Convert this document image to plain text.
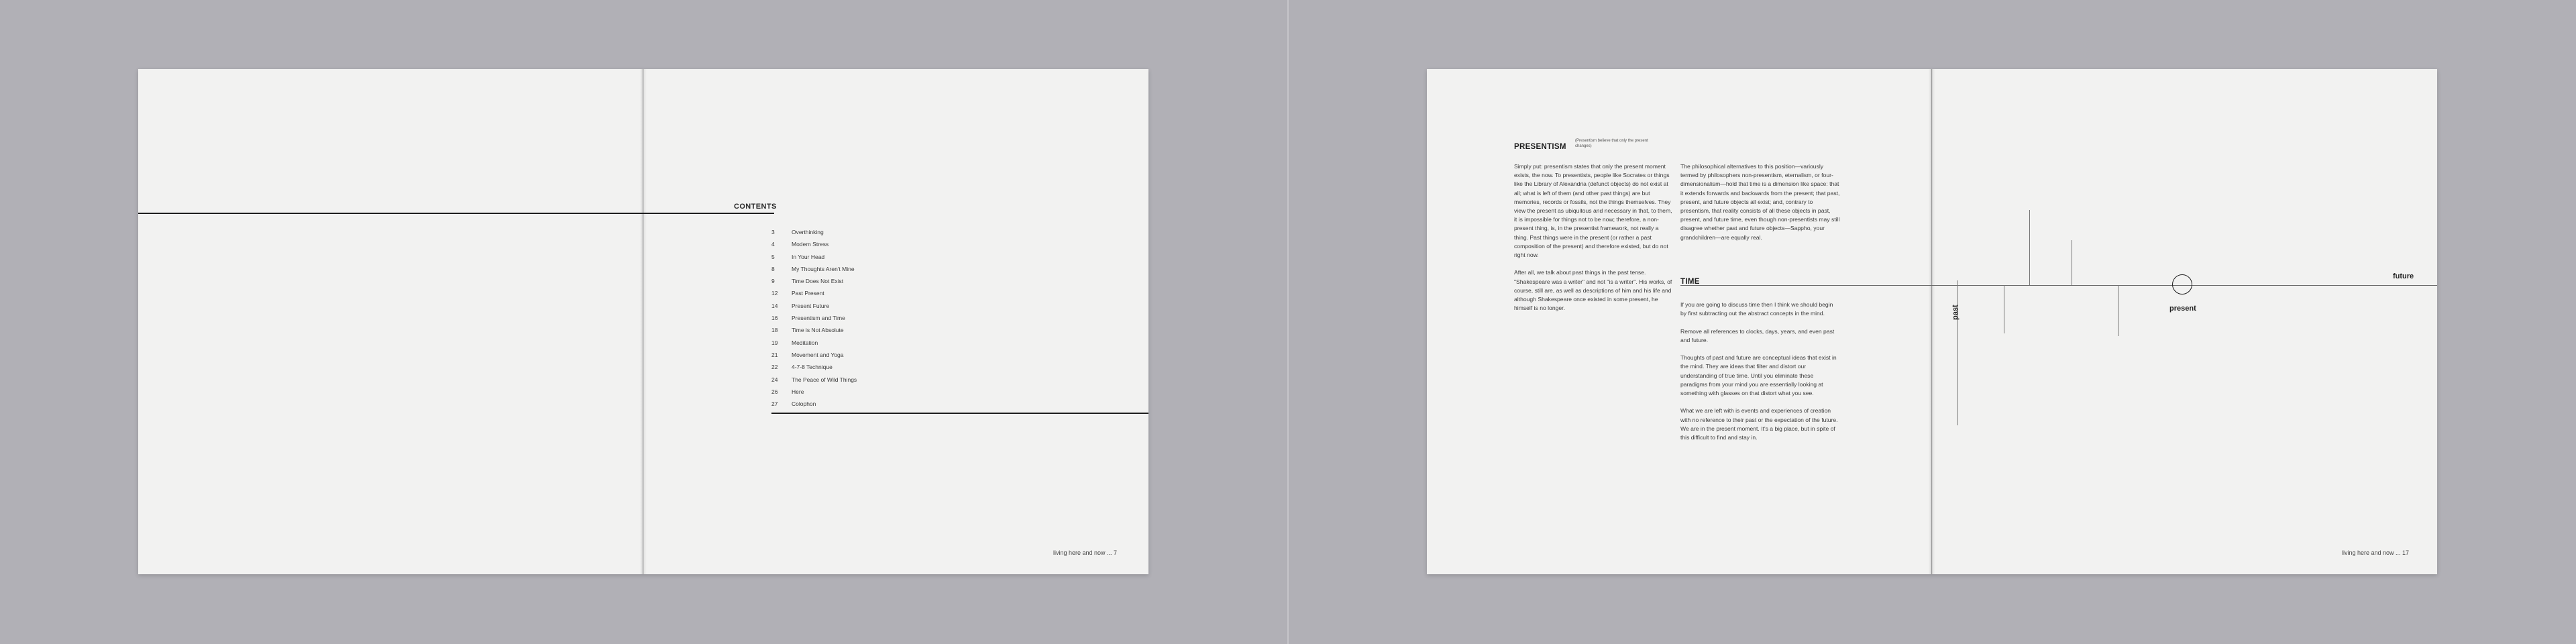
CONTENTS
3	Overthinking
4	Modern Stress
5	In Your Head
8	My Thoughts Aren't Mine
9	Time Does Not Exist
12	Past Present
14	Present Future
16	Presentism and Time
18	Time is Not Absolute
19	Meditation
21	Movement and Yoga
22	4-7-8 Technique
24	The Peace of Wild Things
26	Here
27	Colophon
living here and now ... 7
PRESENTISM
(Presentism believe that only the present changes)

Simply put: presentism states that only the present moment exists, the now. To presentists, people like Socrates or things like the Library of Alexandria (defunct objects) do not exist at all; what is left of them (and other past things) are but memories, records or fossils, not the things themselves. They view the present as ubiquitous and necessary in that, to them, it is impossible for things not to be now; therefore, a non-present thing, is, in the presentist framework, not really a thing. Past things were in the present (or rather a past composition of the present) and therefore existed, but do not right now.

After all, we talk about past things in the past tense. "Shakespeare was a writer" and not "is a writer". His works, of course, still are, as well as descriptions of him and his life and although Shakespeare once existed in some present, he himself is no longer.

The philosophical alternatives to this position—variously termed by philosophers non-presentism, eternalism, or four-dimensionalism—hold that time is a dimension like space: that it extends forwards and backwards from the present; that past, present, and future objects all exist; and, contrary to presentism, that reality consists of all these objects in past, present, and future time, even though non-presentists may still disagree whether past and future objects—Sappho, your grandchildren—are equally real.

present
future
past
TIME

If you are going to discuss time then I think we should begin by first subtracting out the abstract concepts in the mind.

Remove all references to clocks, days, years, and even past and future.

Thoughts of past and future are conceptual ideas that exist in the mind. They are ideas that filter and distort our understanding of true time. Until you eliminate these paradigms from your mind you are essentially looking at something with glasses on that distort what you see.

What we are left with is events and experiences of creation with no reference to their past or the expectation of the future. We are in the present moment. It's a big place, but in spite of this difficult to find and stay in.

living here and now ... 17
